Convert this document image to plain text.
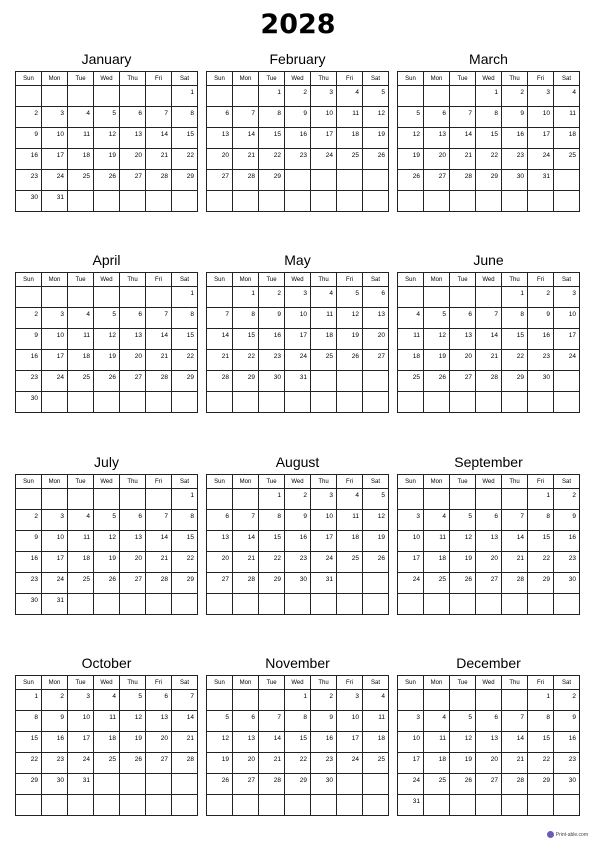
2028
January
Sun	Mon	Tue	Wed	Thu	Fri	Sat
						1
2	3	4	5	6	7	8
9	10	11	12	13	14	15
16	17	18	19	20	21	22
23	24	25	26	27	28	29
30	31					
February
Sun	Mon	Tue	Wed	Thu	Fri	Sat
		1	2	3	4	5
6	7	8	9	10	11	12
13	14	15	16	17	18	19
20	21	22	23	24	25	26
27	28	29				

March
Sun	Mon	Tue	Wed	Thu	Fri	Sat
			1	2	3	4
5	6	7	8	9	10	11
12	13	14	15	16	17	18
19	20	21	22	23	24	25
26	27	28	29	30	31	

April
Sun	Mon	Tue	Wed	Thu	Fri	Sat
						1
2	3	4	5	6	7	8
9	10	11	12	13	14	15
16	17	18	19	20	21	22
23	24	25	26	27	28	29
30						
May
Sun	Mon	Tue	Wed	Thu	Fri	Sat
	1	2	3	4	5	6
7	8	9	10	11	12	13
14	15	16	17	18	19	20
21	22	23	24	25	26	27
28	29	30	31			

June
Sun	Mon	Tue	Wed	Thu	Fri	Sat
				1	2	3
4	5	6	7	8	9	10
11	12	13	14	15	16	17
18	19	20	21	22	23	24
25	26	27	28	29	30	

July
Sun	Mon	Tue	Wed	Thu	Fri	Sat
						1
2	3	4	5	6	7	8
9	10	11	12	13	14	15
16	17	18	19	20	21	22
23	24	25	26	27	28	29
30	31					
August
Sun	Mon	Tue	Wed	Thu	Fri	Sat
		1	2	3	4	5
6	7	8	9	10	11	12
13	14	15	16	17	18	19
20	21	22	23	24	25	26
27	28	29	30	31		

September
Sun	Mon	Tue	Wed	Thu	Fri	Sat
					1	2
3	4	5	6	7	8	9
10	11	12	13	14	15	16
17	18	19	20	21	22	23
24	25	26	27	28	29	30

October
Sun	Mon	Tue	Wed	Thu	Fri	Sat
1	2	3	4	5	6	7
8	9	10	11	12	13	14
15	16	17	18	19	20	21
22	23	24	25	26	27	28
29	30	31				

November
Sun	Mon	Tue	Wed	Thu	Fri	Sat
			1	2	3	4
5	6	7	8	9	10	11
12	13	14	15	16	17	18
19	20	21	22	23	24	25
26	27	28	29	30		

December
Sun	Mon	Tue	Wed	Thu	Fri	Sat
					1	2
3	4	5	6	7	8	9
10	11	12	13	14	15	16
17	18	19	20	21	22	23
24	25	26	27	28	29	30
31						
Print-able.com
